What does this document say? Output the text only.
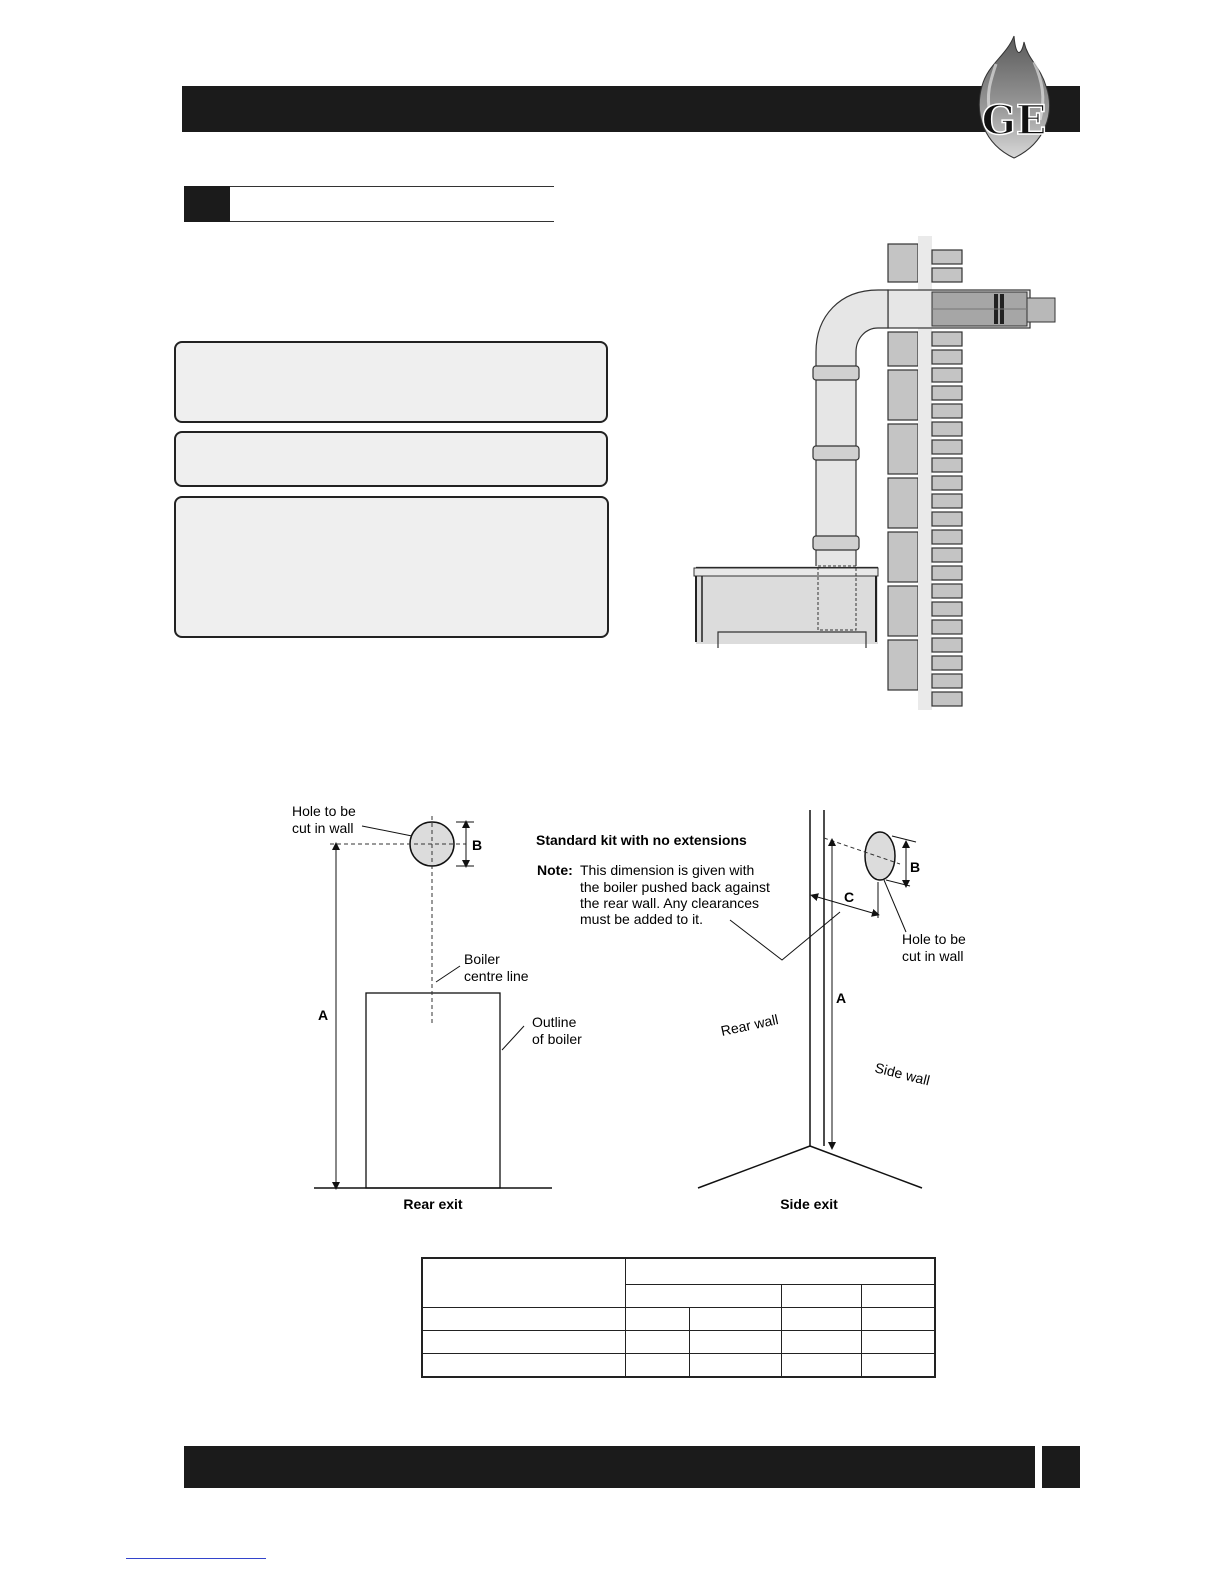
GE
Hole to be
cut in wall
B
A
Boiler
centre line
Outline
of boiler
Rear exit
Standard kit with no extensions
Note: This dimension is given with
the boiler pushed back against
the rear wall. Any clearances
must be added to it.
C
B
A
Hole to be
cut in wall
Rear wall
Side wall
Side exit
